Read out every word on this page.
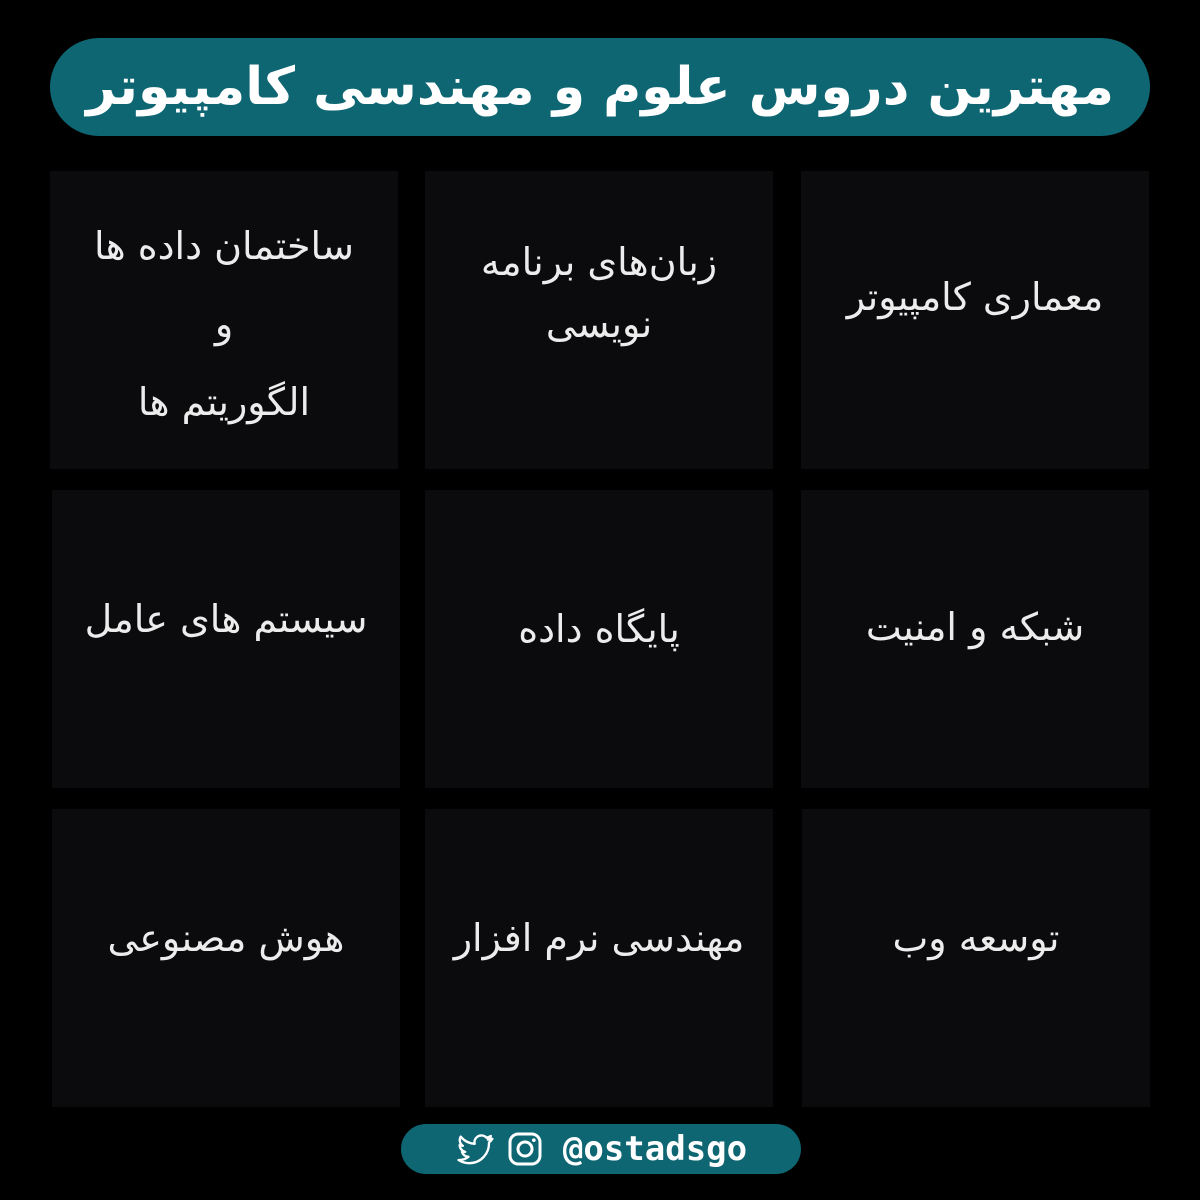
مهترین دروس علوم و مهندسی کامپیوتر
معماری کامپیوتر
زبان‌های برنامه
نویسی
ساختمان داده ها
و
الگوریتم ها
شبکه و امنیت
پایگاه داده
سیستم های عامل
توسعه وب
مهندسی نرم افزار
هوش مصنوعی
@ostadsgo
